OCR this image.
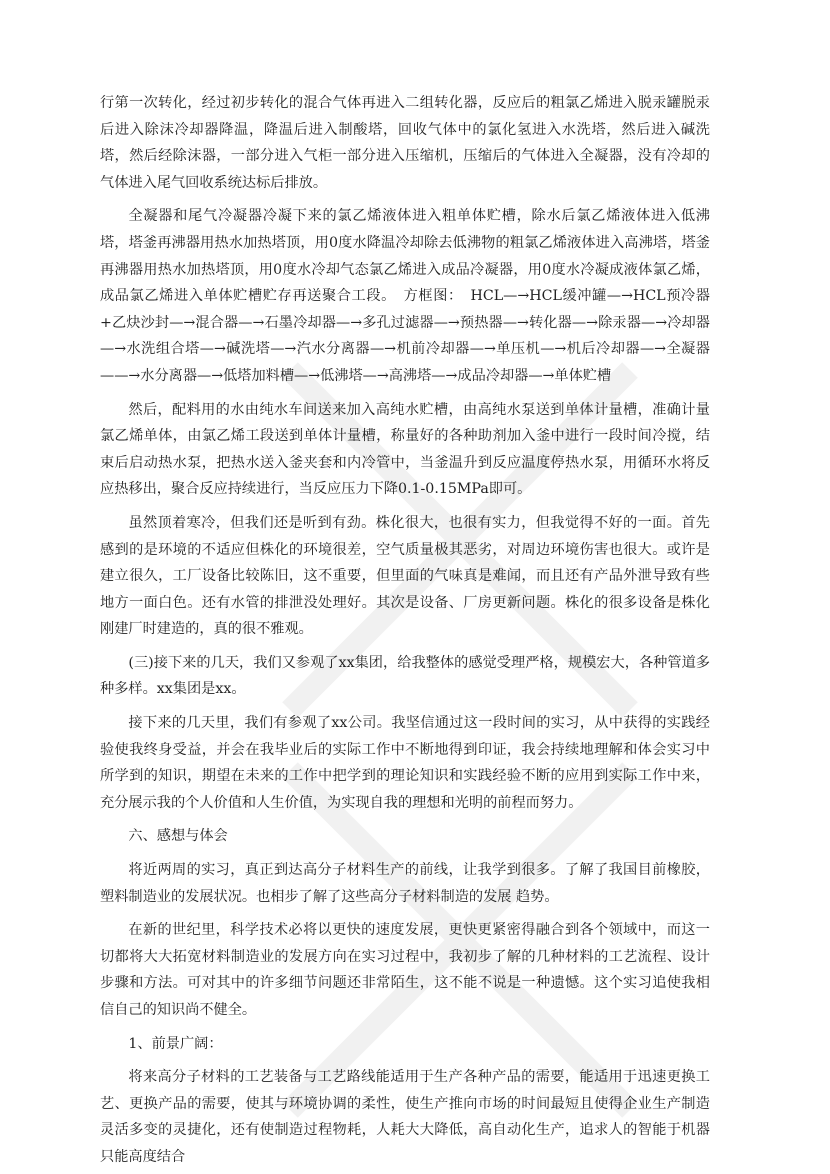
行第一次转化，经过初步转化的混合气体再进入二组转化器，反应后的粗氯乙烯进入脱汞罐脱汞后进入除沫冷却器降温，降温后进入制酸塔，回收气体中的氯化氢进入水洗塔，然后进入碱洗塔，然后经除沫器，一部分进入气柜一部分进入压缩机，压缩后的气体进入全凝器，没有冷却的气体进入尾气回收系统达标后排放。

全凝器和尾气冷凝器冷凝下来的氯乙烯液体进入粗单体贮槽，除水后氯乙烯液体进入低沸塔，塔釜再沸器用热水加热塔顶，用0度水降温冷却除去低沸物的粗氯乙烯液体进入高沸塔，塔釜再沸器用热水加热塔顶，用0度水冷却气态氯乙烯进入成品冷凝器，用0度水冷凝成液体氯乙烯，成品氯乙烯进入单体贮槽贮存再送聚合工段。　方框图：　HCL—→HCL缓冲罐—→HCL预冷器+乙炔沙封—→混合器—→石墨冷却器—→多孔过滤器—→预热器—→转化器—→除汞器—→冷却器—→水洗组合塔—→碱洗塔—→汽水分离器—→机前冷却器—→单压机—→机后冷却器—→全凝器——→水分离器—→低塔加料槽—→低沸塔—→高沸塔—→成品冷却器—→单体贮槽

然后，配料用的水由纯水车间送来加入高纯水贮槽，由高纯水泵送到单体计量槽，准确计量氯乙烯单体，由氯乙烯工段送到单体计量槽，称量好的各种助剂加入釜中进行一段时间冷搅，结束后启动热水泵，把热水送入釜夹套和内冷管中，当釜温升到反应温度停热水泵，用循环水将反应热移出，聚合反应持续进行，当反应压力下降0.1-0.15MPa即可。

虽然顶着寒冷，但我们还是听到有劲。株化很大，也很有实力，但我觉得不好的一面。首先感到的是环境的不适应但株化的环境很差，空气质量极其恶劣，对周边环境伤害也很大。或许是建立很久，工厂设备比较陈旧，这不重要，但里面的气味真是难闻，而且还有产品外泄导致有些地方一面白色。还有水管的排泄没处理好。其次是设备、厂房更新问题。株化的很多设备是株化刚建厂时建造的，真的很不雅观。

(三)接下来的几天，我们又参观了xx集团，给我整体的感觉受理严格，规模宏大，各种管道多种多样。xx集团是xx。

接下来的几天里，我们有参观了xx公司。我坚信通过这一段时间的实习，从中获得的实践经验使我终身受益，并会在我毕业后的实际工作中不断地得到印证，我会持续地理解和体会实习中所学到的知识，期望在未来的工作中把学到的理论知识和实践经验不断的应用到实际工作中来，充分展示我的个人价值和人生价值，为实现自我的理想和光明的前程而努力。

六、感想与体会

将近两周的实习，真正到达高分子材料生产的前线，让我学到很多。了解了我国目前橡胶，塑料制造业的发展状况。也相步了解了这些高分子材料制造的发展 趋势。

在新的世纪里，科学技术必将以更快的速度发展，更快更紧密得融合到各个领域中，而这一切都将大大拓宽材料制造业的发展方向在实习过程中，我初步了解的几种材料的工艺流程、设计步骤和方法。可对其中的许多细节问题还非常陌生，这不能不说是一种遗憾。这个实习追使我相信自己的知识尚不健全。

1、前景广阔：

将来高分子材料的工艺装备与工艺路线能适用于生产各种产品的需要，能适用于迅速更换工艺、更换产品的需要，使其与环境协调的柔性，使生产推向市场的时间最短且使得企业生产制造灵活多变的灵捷化，还有使制造过程物耗，人耗大大降低，高自动化生产，追求人的智能于机器只能高度结合
